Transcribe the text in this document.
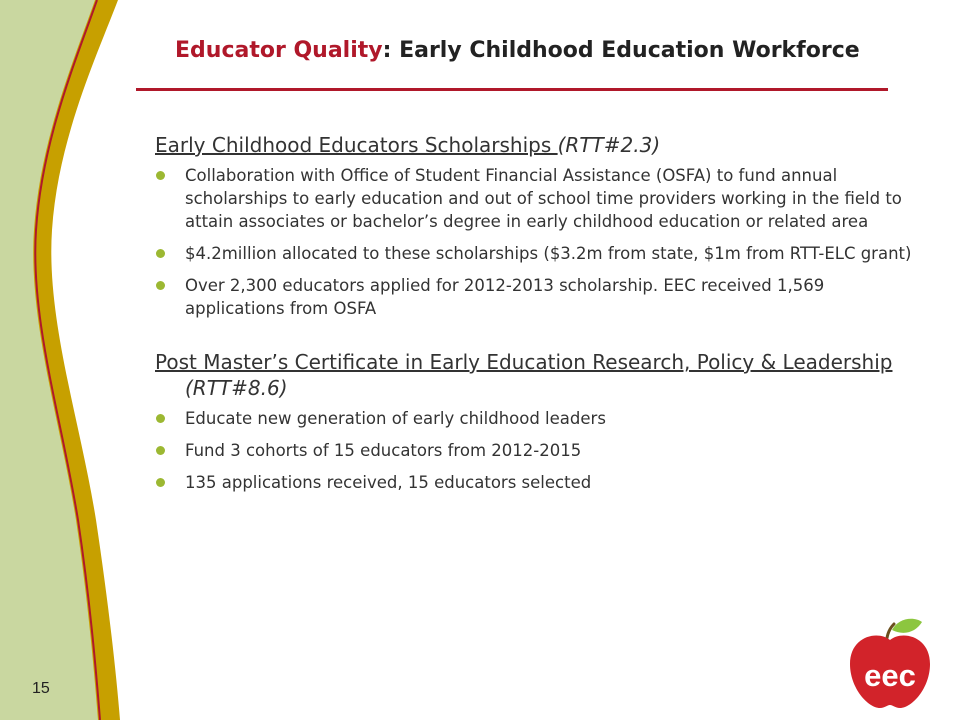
Educator Quality: Early Childhood Education Workforce
Early Childhood Educators Scholarships (RTT#2.3)
Collaboration with Office of Student Financial Assistance (OSFA) to fund annual scholarships to early education and out of school time providers working in the field to attain associates or bachelor’s degree in early childhood education or related area
$4.2million allocated to these scholarships ($3.2m from state, $1m from RTT-ELC grant)
Over 2,300 educators applied for 2012-2013 scholarship. EEC received 1,569 applications from OSFA
Post Master’s Certificate in Early Education Research, Policy & Leadership (RTT#8.6)
Educate new generation of early childhood leaders
Fund 3 cohorts of 15 educators from 2012-2015
135 applications received, 15 educators selected
15	eec
